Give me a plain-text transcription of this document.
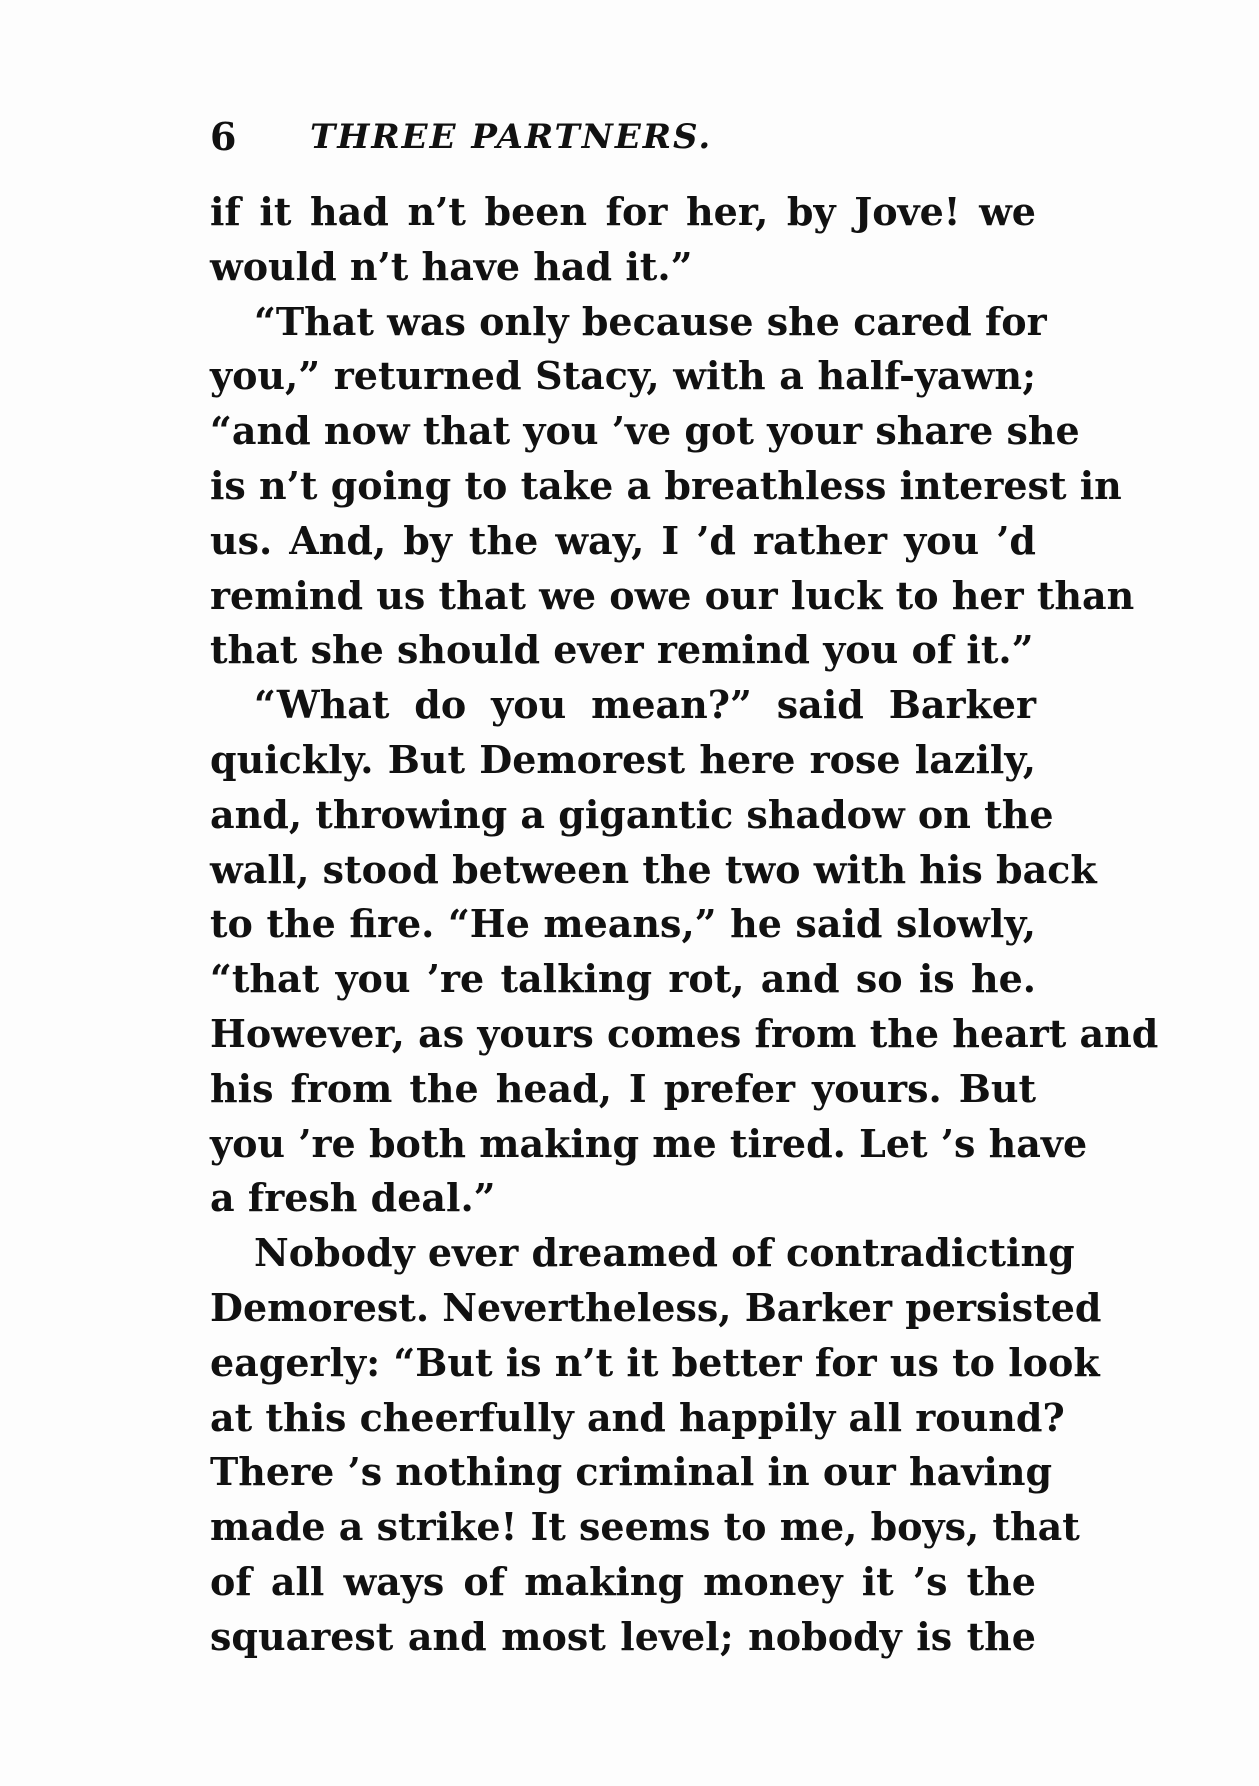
6 THREE PARTNERS.
if it had n’t been for her, by Jove! we
would n’t have had it.”
“That was only because she cared for
you,” returned Stacy, with a half-yawn;
“and now that you ’ve got your share she
is n’t going to take a breathless interest in
us. And, by the way, I ’d rather you ’d
remind us that we owe our luck to her than
that she should ever remind you of it.”
“What do you mean?” said Barker
quickly. But Demorest here rose lazily,
and, throwing a gigantic shadow on the
wall, stood between the two with his back
to the fire. “He means,” he said slowly,
“that you ’re talking rot, and so is he.
However, as yours comes from the heart and
his from the head, I prefer yours. But
you ’re both making me tired. Let ’s have
a fresh deal.”
Nobody ever dreamed of contradicting
Demorest. Nevertheless, Barker persisted
eagerly: “But is n’t it better for us to look
at this cheerfully and happily all round?
There ’s nothing criminal in our having
made a strike! It seems to me, boys, that
of all ways of making money it ’s the
squarest and most level; nobody is the
